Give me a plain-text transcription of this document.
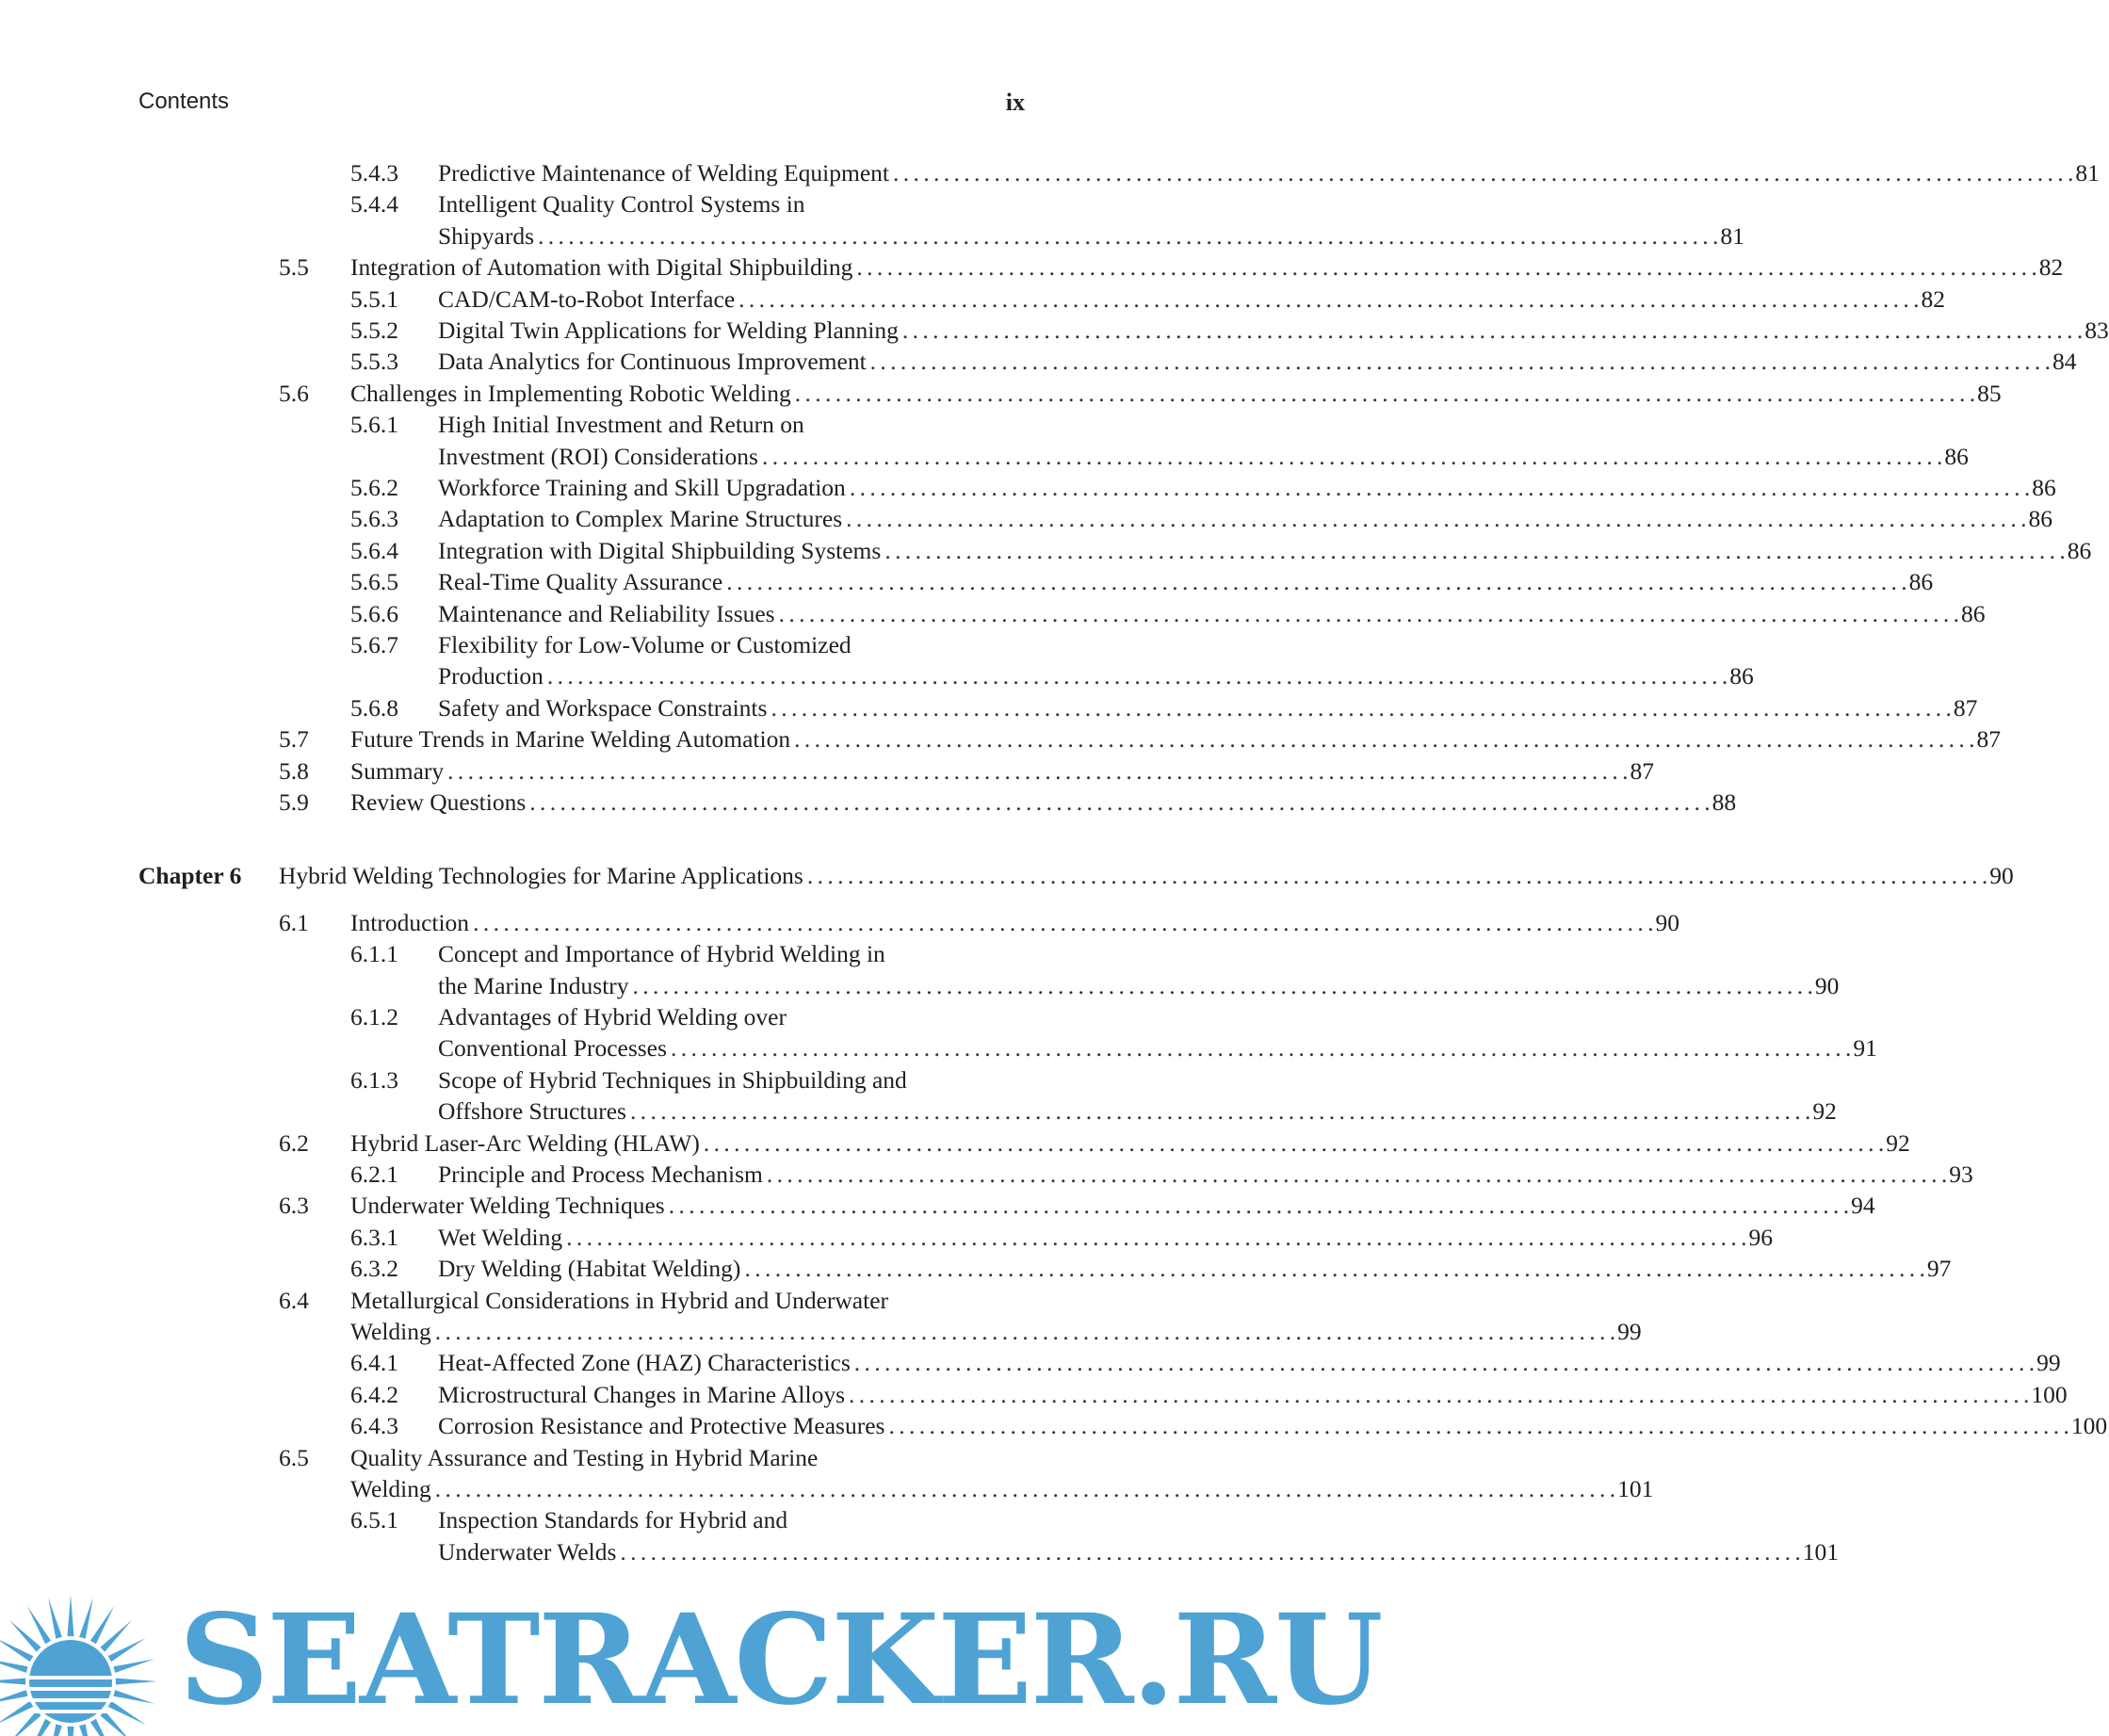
Contents	ix
5.4.3 Predictive Maintenance of Welding Equipment . . .	81
5.4.4 Intelligent Quality Control Systems in
Shipyards . . .	81
5.5 Integration of Automation with Digital Shipbuilding . . .	82
5.5.1 CAD/CAM-to-Robot Interface . . .	82
5.5.2 Digital Twin Applications for Welding Planning . . .	83
5.5.3 Data Analytics for Continuous Improvement . . .	84
5.6 Challenges in Implementing Robotic Welding . . .	85
5.6.1 High Initial Investment and Return on
Investment (ROI) Considerations . . .	86
5.6.2 Workforce Training and Skill Upgradation . . .	86
5.6.3 Adaptation to Complex Marine Structures . . .	86
5.6.4 Integration with Digital Shipbuilding Systems . . .	86
5.6.5 Real-Time Quality Assurance . . .	86
5.6.6 Maintenance and Reliability Issues . . .	86
5.6.7 Flexibility for Low-Volume or Customized
Production . . .	86
5.6.8 Safety and Workspace Constraints . . .	87
5.7 Future Trends in Marine Welding Automation . . .	87
5.8 Summary . . .	87
5.9 Review Questions . . .	88
Chapter 6 Hybrid Welding Technologies for Marine Applications . . .	90
6.1 Introduction . . .	90
6.1.1 Concept and Importance of Hybrid Welding in
the Marine Industry . . .	90
6.1.2 Advantages of Hybrid Welding over
Conventional Processes . . .	91
6.1.3 Scope of Hybrid Techniques in Shipbuilding and
Offshore Structures . . .	92
6.2 Hybrid Laser-Arc Welding (HLAW) . . .	92
6.2.1 Principle and Process Mechanism . . .	93
6.3 Underwater Welding Techniques . . .	94
6.3.1 Wet Welding . . .	96
6.3.2 Dry Welding (Habitat Welding) . . .	97
6.4 Metallurgical Considerations in Hybrid and Underwater
Welding . . .	99
6.4.1 Heat-Affected Zone (HAZ) Characteristics . . .	99
6.4.2 Microstructural Changes in Marine Alloys . . .	100
6.4.3 Corrosion Resistance and Protective Measures . . .	100
6.5 Quality Assurance and Testing in Hybrid Marine
Welding . . .	101
6.5.1 Inspection Standards for Hybrid and
Underwater Welds . . .	101
SEATRACKER.RU
